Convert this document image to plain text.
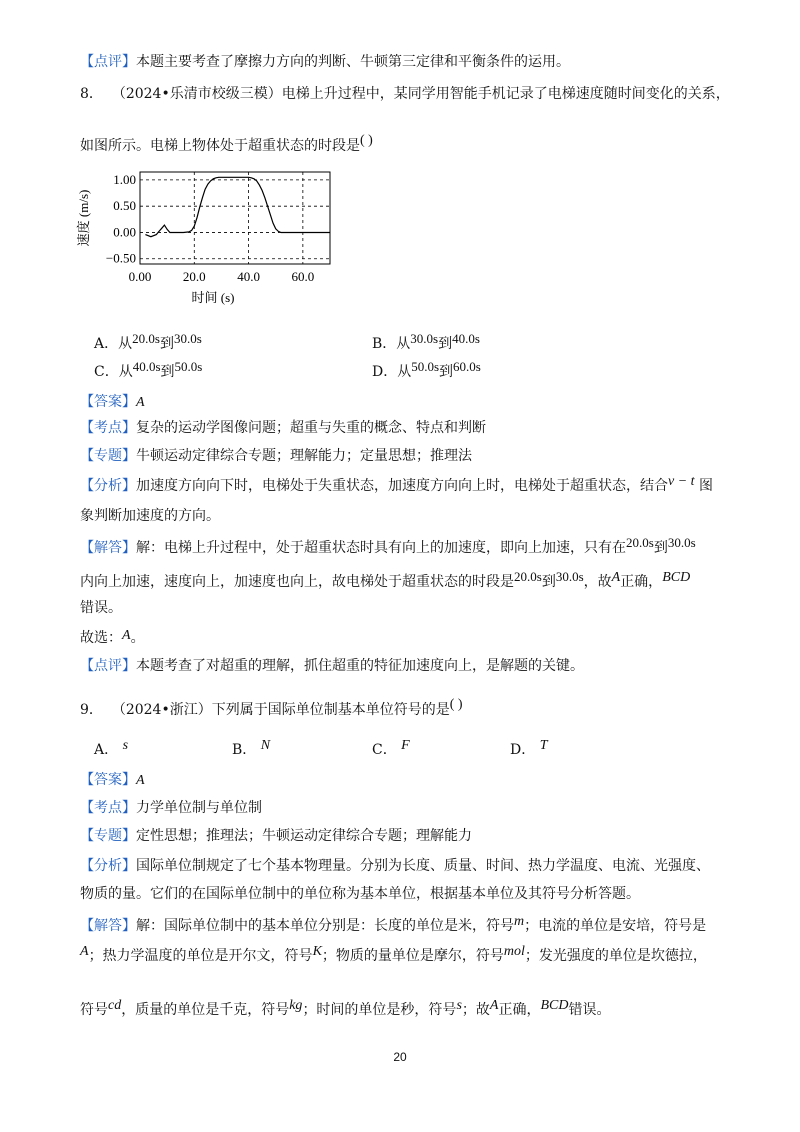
【点评】本题主要考查了摩擦力方向的判断、牛顿第三定律和平衡条件的运用。
8． （2024•乐清市校级三模）电梯上升过程中，某同学用智能手机记录了电梯速度随时间变化的关系，
如图所示。电梯上物体处于超重状态的时段是( )
1.00
0.50
0.00
−0.50
0.00 20.0 40.0 60.0
速度 (m/s)
时间 (s)
A．从20.0s到30.0s	B．从30.0s到40.0s
C．从40.0s到50.0s	D．从50.0s到60.0s
【答案】A
【考点】复杂的运动学图像问题；超重与失重的概念、特点和判断
【专题】牛顿运动定律综合专题；理解能力；定量思想；推理法
【分析】加速度方向向下时，电梯处于失重状态，加速度方向向上时，电梯处于超重状态，结合v − t 图
象判断加速度的方向。
【解答】解：电梯上升过程中，处于超重状态时具有向上的加速度，即向上加速，只有在20.0s到30.0s
内向上加速，速度向上，加速度也向上，故电梯处于超重状态的时段是20.0s到30.0s，故A正确，BCD
错误。
故选：A。
【点评】本题考查了对超重的理解，抓住超重的特征加速度向上，是解题的关键。
9． （2024•浙江）下列属于国际单位制基本单位符号的是( )
A． s	B． N	C． F	D． T
【答案】A
【考点】力学单位制与单位制
【专题】定性思想；推理法；牛顿运动定律综合专题；理解能力
【分析】国际单位制规定了七个基本物理量。分别为长度、质量、时间、热力学温度、电流、光强度、
物质的量。它们的在国际单位制中的单位称为基本单位，根据基本单位及其符号分析答题。
【解答】解：国际单位制中的基本单位分别是：长度的单位是米，符号m；电流的单位是安培，符号是
A；热力学温度的单位是开尔文，符号K；物质的量单位是摩尔，符号mol；发光强度的单位是坎德拉，
符号cd，质量的单位是千克，符号kg；时间的单位是秒，符号s；故A正确，BCD错误。
20
